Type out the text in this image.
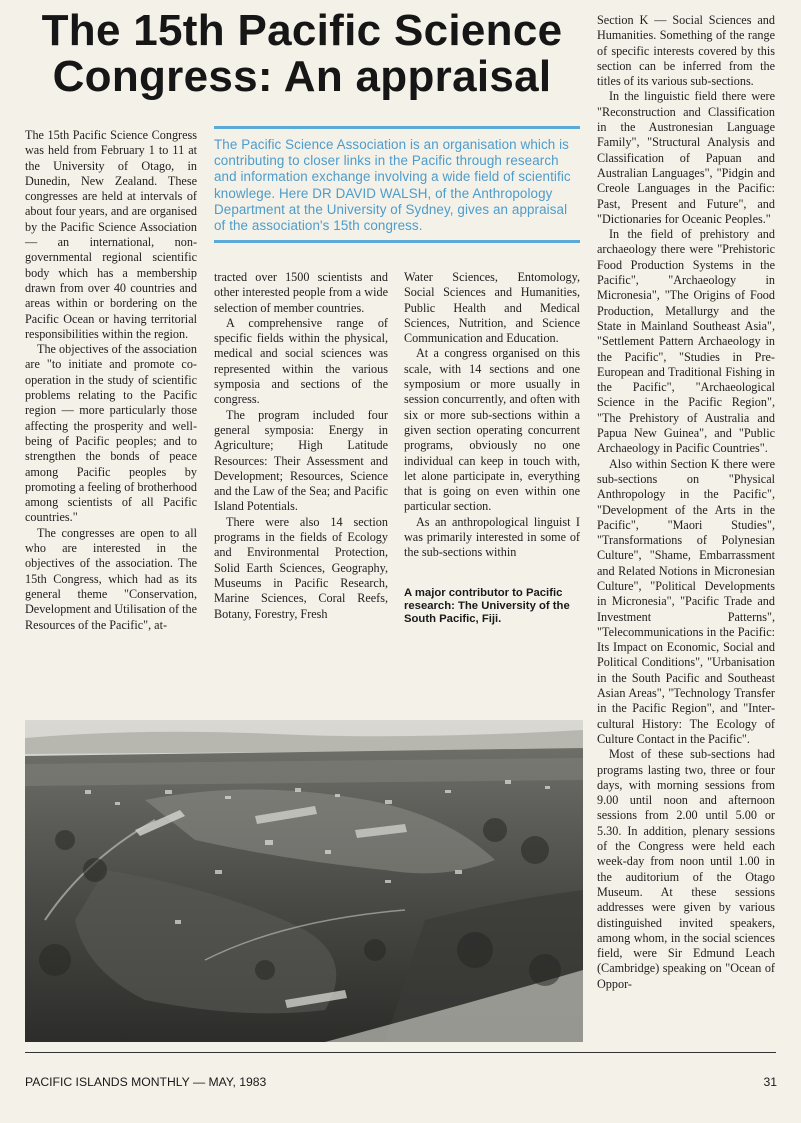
The 15th Pacific Science Congress: An appraisal

The 15th Pacific Science Congress was held from February 1 to 11 at the University of Otago, in Dunedin, New Zealand. These congresses are held at intervals of about four years, and are organised by the Pacific Science Association — an international, non-governmental regional scientific body which has a membership drawn from over 40 countries and areas within or bordering on the Pacific Ocean or having territorial responsibilities within the region.

The objectives of the association are "to initiate and promote co-operation in the study of scientific problems relating to the Pacific region — more particularly those affecting the prosperity and well-being of Pacific peoples; and to strengthen the bonds of peace among Pacific peoples by promoting a feeling of brotherhood among scientists of all Pacific countries."

The congresses are open to all who are interested in the objectives of the association. The 15th Congress, which had as its general theme "Conservation, Development and Utilisation of the Resources of the Pacific", at-

The Pacific Science Association is an organisation which is contributing to closer links in the Pacific through research and information exchange involving a wide field of scientific knowlege. Here DR DAVID WALSH, of the Anthropology Department at the University of Sydney, gives an appraisal of the association's 15th congress.

tracted over 1500 scientists and other interested people from a wide selection of member countries.

A comprehensive range of specific fields within the physical, medical and social sciences was represented within the various symposia and sections of the congress.

The program included four general symposia: Energy in Agriculture; High Latitude Resources: Their Assessment and Development; Resources, Science and the Law of the Sea; and Pacific Island Potentials.

There were also 14 section programs in the fields of Ecology and Environmental Protection, Solid Earth Sciences, Geography, Museums in Pacific Research, Marine Sciences, Coral Reefs, Botany, Forestry, Fresh

Water Sciences, Entomology, Social Sciences and Humanities, Public Health and Medical Sciences, Nutrition, and Science Communication and Education.

At a congress organised on this scale, with 14 sections and one symposium or more usually in session concurrently, and often with six or more sub-sections within a given section operating concurrent programs, obviously no one individual can keep in touch with, let alone participate in, everything that is going on even within one particular section.

As an anthropological linguist I was primarily interested in some of the sub-sections within

A major contributor to Pacific research: The University of the South Pacific, Fiji.

Section K — Social Sciences and Humanities. Something of the range of specific interests covered by this section can be inferred from the titles of its various sub-sections.

In the linguistic field there were "Reconstruction and Classification in the Austronesian Language Family", "Structural Analysis and Classification of Papuan and Australian Languages", "Pidgin and Creole Languages in the Pacific: Past, Present and Future", and "Dictionaries for Oceanic Peoples."

In the field of prehistory and archaeology there were "Prehistoric Food Production Systems in the Pacific", "Archaeology in Micronesia", "The Origins of Food Production, Metallurgy and the State in Mainland Southeast Asia", "Settlement Pattern Archaeology in the Pacific", "Studies in Pre-European and Traditional Fishing in the Pacific", "Archaeological Science in the Pacific Region", "The Prehistory of Australia and Papua New Guinea", and "Public Archaeology in Pacific Countries".

Also within Section K there were sub-sections on "Physical Anthropology in the Pacific", "Development of the Arts in the Pacific", "Maori Studies", "Transformations of Polynesian Culture", "Shame, Embarrassment and Related Notions in Micronesian Culture", "Political Developments in Micronesia", "Pacific Trade and Investment Patterns", "Telecommunications in the Pacific: Its Impact on Economic, Social and Political Conditions", "Urbanisation in the South Pacific and Southeast Asian Areas", "Technology Transfer in the Pacific Region", and "Inter-cultural History: The Ecology of Culture Contact in the Pacific".

Most of these sub-sections had programs lasting two, three or four days, with morning sessions from 9.00 until noon and afternoon sessions from 2.00 until 5.00 or 5.30. In addition, plenary sessions of the Congress were held each week-day from noon until 1.00 in the auditorium of the Otago Museum. At these sessions addresses were given by various distinguished invited speakers, among whom, in the social sciences field, were Sir Edmund Leach (Cambridge) speaking on "Ocean of Oppor-

PACIFIC ISLANDS MONTHLY — MAY, 1983	31
